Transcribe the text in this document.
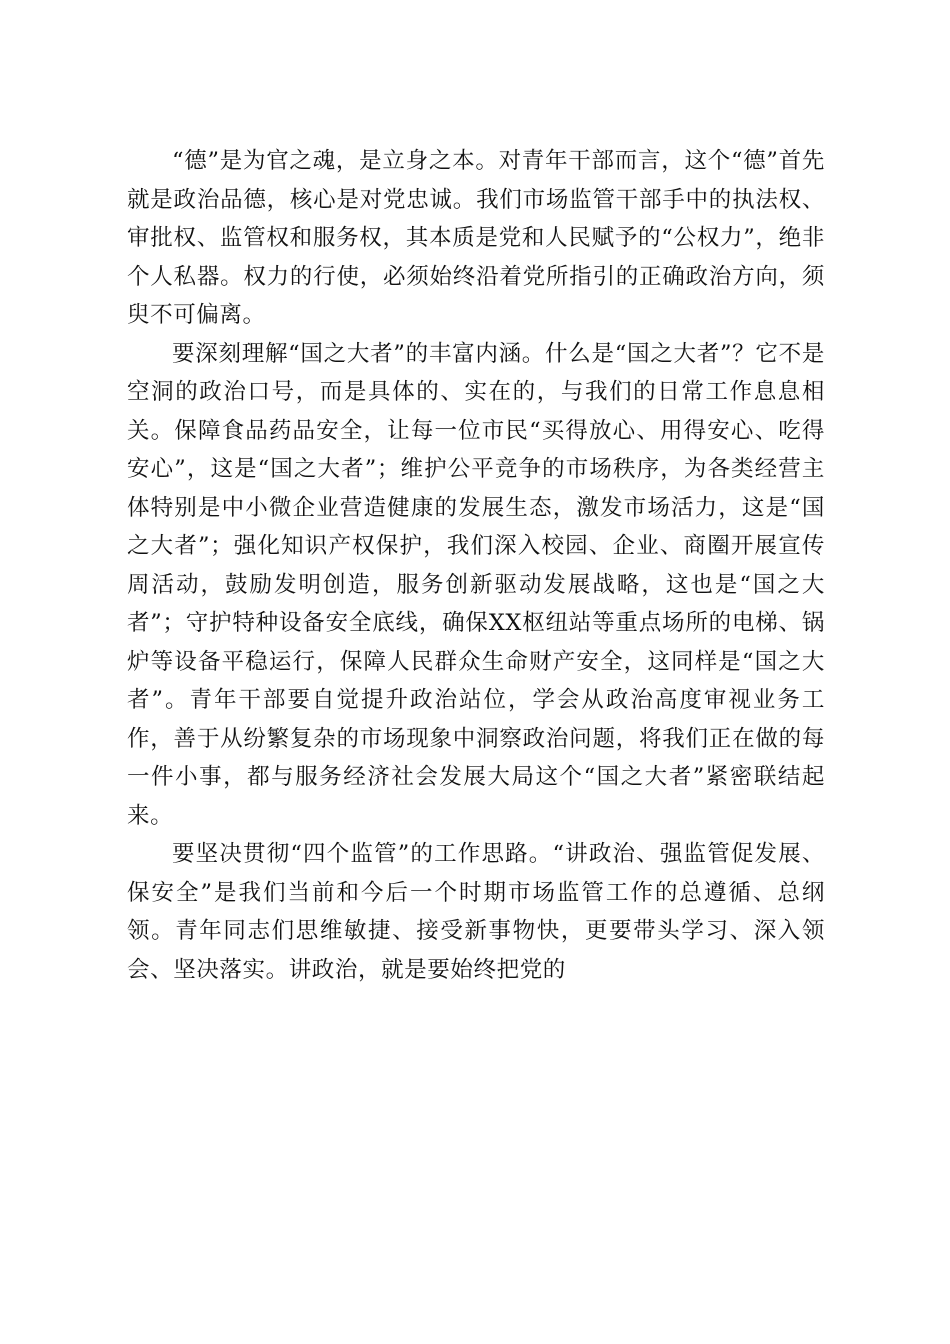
“德”是为官之魂，是立身之本。对青年干部而言，这个“德”首先就是政治品德，核心是对党忠诚。我们市场监管干部手中的执法权、审批权、监管权和服务权，其本质是党和人民赋予的“公权力”，绝非个人私器。权力的行使，必须始终沿着党所指引的正确政治方向，须臾不可偏离。

要深刻理解“国之大者”的丰富内涵。什么是“国之大者”？它不是空洞的政治口号，而是具体的、实在的，与我们的日常工作息息相关。保障食品药品安全，让每一位市民“买得放心、用得安心、吃得安心”，这是“国之大者”；维护公平竞争的市场秩序，为各类经营主体特别是中小微企业营造健康的发展生态，激发市场活力，这是“国之大者”；强化知识产权保护，我们深入校园、企业、商圈开展宣传周活动，鼓励发明创造，服务创新驱动发展战略，这也是“国之大者”；守护特种设备安全底线，确保XX枢纽站等重点场所的电梯、锅炉等设备平稳运行，保障人民群众生命财产安全，这同样是“国之大者”。青年干部要自觉提升政治站位，学会从政治高度审视业务工作，善于从纷繁复杂的市场现象中洞察政治问题，将我们正在做的每一件小事，都与服务经济社会发展大局这个“国之大者”紧密联结起来。

要坚决贯彻“四个监管”的工作思路。“讲政治、强监管促发展、保安全”是我们当前和今后一个时期市场监管工作的总遵循、总纲领。青年同志们思维敏捷、接受新事物快，更要带头学习、深入领会、坚决落实。讲政治，就是要始终把党的
